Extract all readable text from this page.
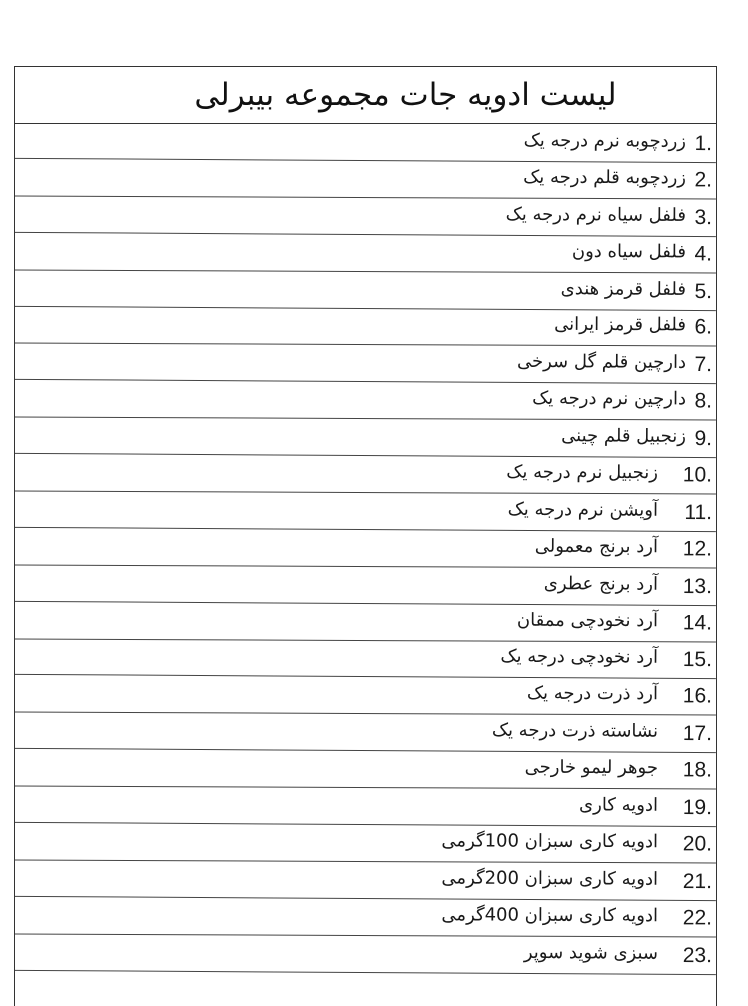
لیست ادویه جات مجموعه بیبرلی
1.
زردچوبه نرم درجه یک
2.
زردچوبه قلم درجه یک
3.
فلفل سیاه نرم درجه یک
4.
فلفل سیاه دون
5.
فلفل قرمز هندی
6.
فلفل قرمز ایرانی
7.
دارچین قلم گل سرخی
8.
دارچین نرم درجه یک
9.
زنجبیل قلم چینی
10.
زنجبیل نرم درجه یک
11.
آویشن نرم درجه یک
12.
آرد برنج معمولی
13.
آرد برنج عطری
14.
آرد نخودچی ممقان
15.
آرد نخودچی درجه یک
16.
آرد ذرت درجه یک
17.
نشاسته ذرت درجه یک
18.
جوهر لیمو خارجی
19.
ادویه کاری
20.
ادویه کاری سبزان 100گرمی
21.
ادویه کاری سبزان 200گرمی
22.
ادویه کاری سبزان 400گرمی
23.
سبزی شوید سوپر
